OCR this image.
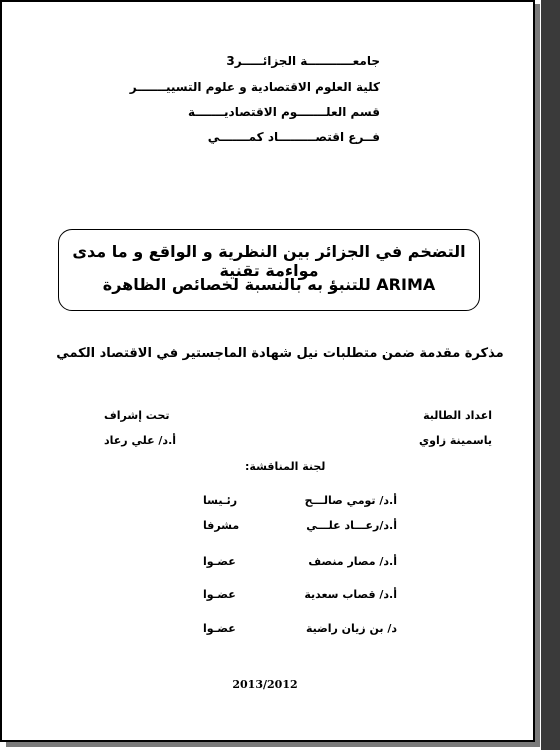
جامعـــــــــــة الجزائـــــر3
كلية العلوم الاقتصادية و علوم التسييـــــــر
قسم العلـــــــوم الاقتصاديـــــــة
فــرع اقتصـــــــــاد كمـــــــي
التضخم في الجزائر بين النظرية و الواقع و ما مدى مواءمة تقنية
ARIMA للتنبؤ به بالنسبة لخصائص الظاهرة
مذكرة مقدمة ضمن متطلبات نيل شهادة الماجستير في الاقتصاد الكمي
اعداد الطالبة
ياسمينة زاوي
تحت إشراف
أ.د/ علي رعاد
لجنة المناقشة:
أ.د/ تومي صالـــح
رئـيسا
أ.د/رعـــاد علـــي
مشرفا
أ.د/ مصار منصف
عضـوا
أ.د/ قصاب سعدية
عضـوا
د/ بن زيان راضية
عضـوا
2013/2012
